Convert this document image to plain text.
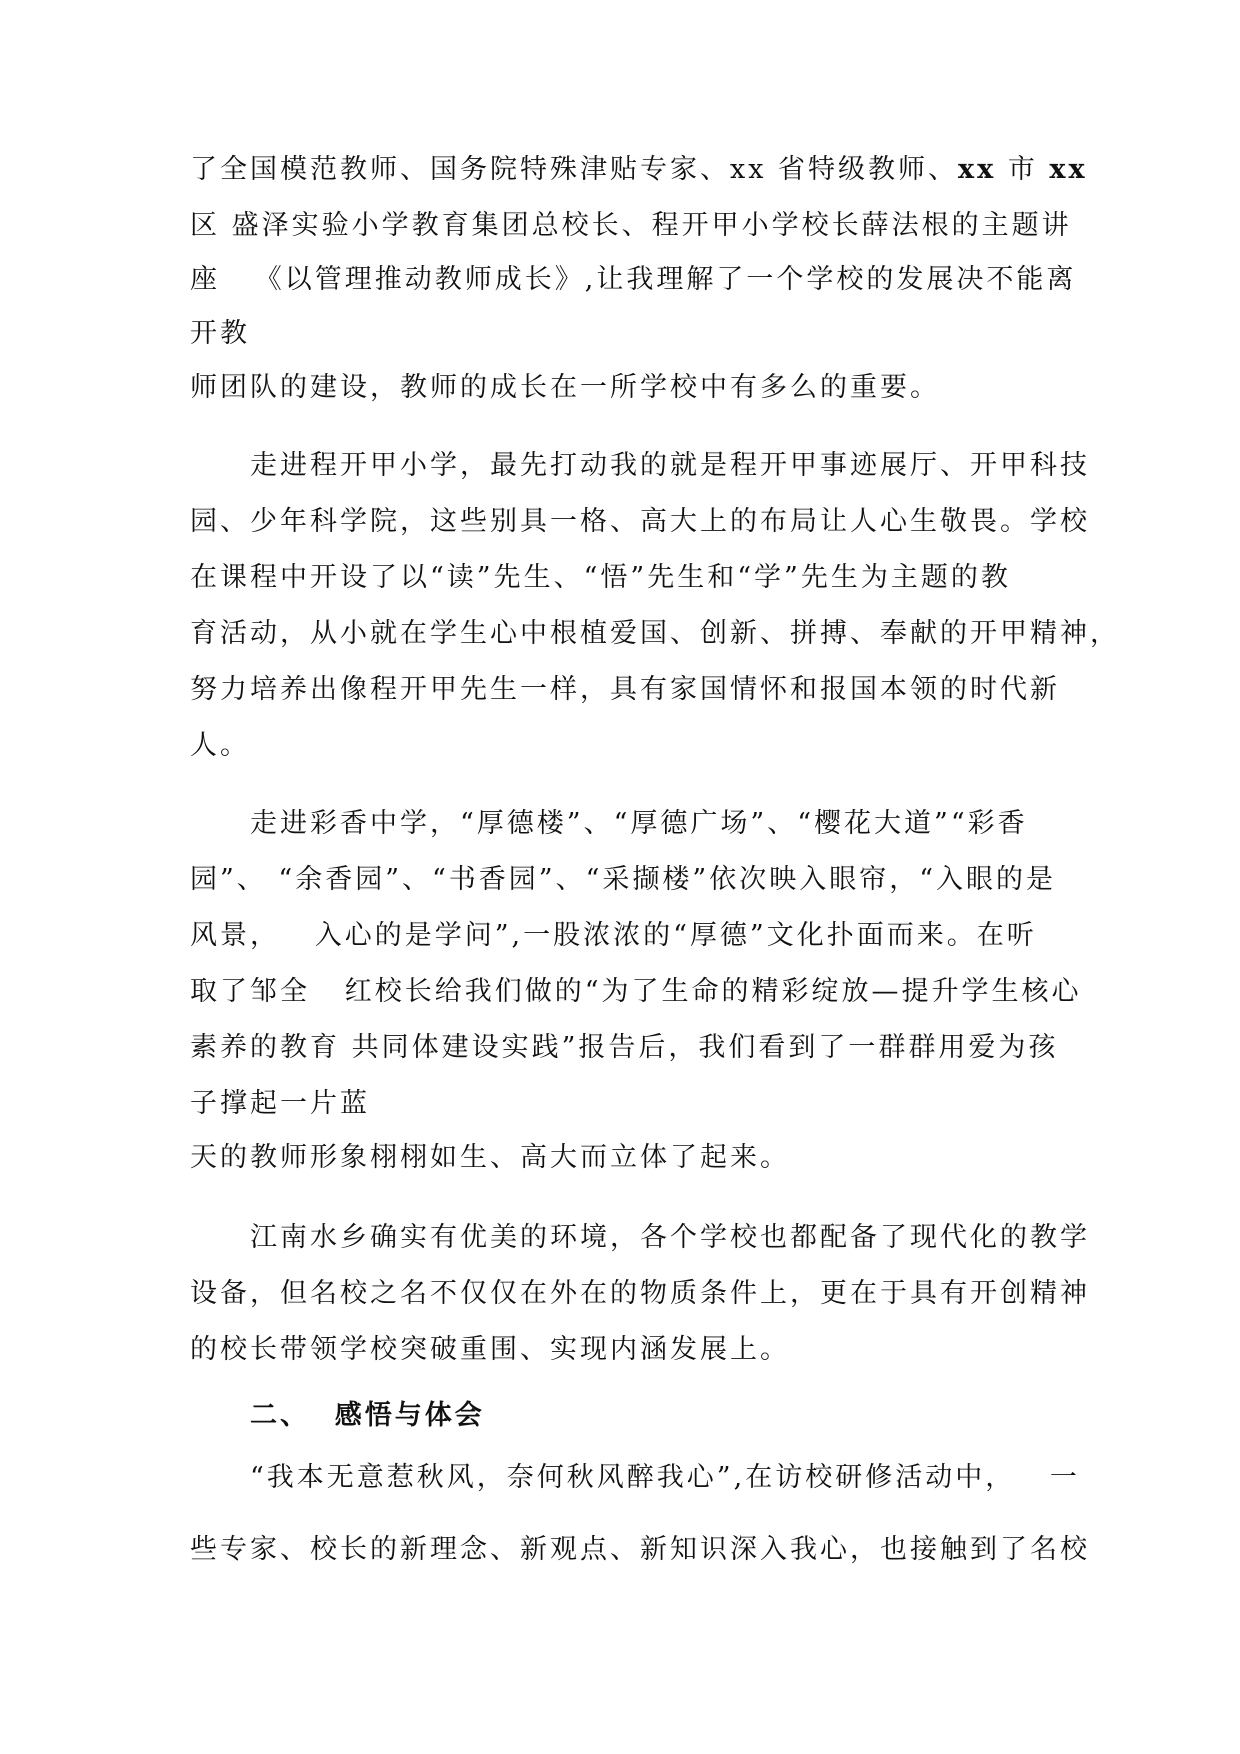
了全国模范教师、国务院特殊津贴专家、xx 省特级教师、xx 市 xx
区 盛泽实验小学教育集团总校长、程开甲小学校长薛法根的主题讲
座   《以管理推动教师成长》,让我理解了一个学校的发展决不能离
开教
师团队的建设，教师的成长在一所学校中有多么的重要。
走进程开甲小学，最先打动我的就是程开甲事迹展厅、开甲科技
园、少年科学院，这些别具一格、高大上的布局让人心生敬畏。学校
在课程中开设了以“读”先生、“悟”先生和“学”先生为主题的教
育活动，从小就在学生心中根植爱国、创新、拼搏、奉献的开甲精神，
努力培养出像程开甲先生一样，具有家国情怀和报国本领的时代新
人。
走进彩香中学，“厚德楼”、“厚德广场”、“樱花大道”“彩香
园”、 “余香园”、“书香园”、“采撷楼”依次映入眼帘，“入眼的是
风景，   入心的是学问”,一股浓浓的“厚德”文化扑面而来。在听
取了邹全   红校长给我们做的“为了生命的精彩绽放—提升学生核心
素养的教育 共同体建设实践”报告后，我们看到了一群群用爱为孩
子撑起一片蓝
天的教师形象栩栩如生、高大而立体了起来。
江南水乡确实有优美的环境，各个学校也都配备了现代化的教学
设备，但名校之名不仅仅在外在的物质条件上，更在于具有开创精神
的校长带领学校突破重围、实现内涵发展上。
二、  感悟与体会
“我本无意惹秋风，奈何秋风醉我心”,在访校研修活动中，   一
些专家、校长的新理念、新观点、新知识深入我心，也接触到了名校
